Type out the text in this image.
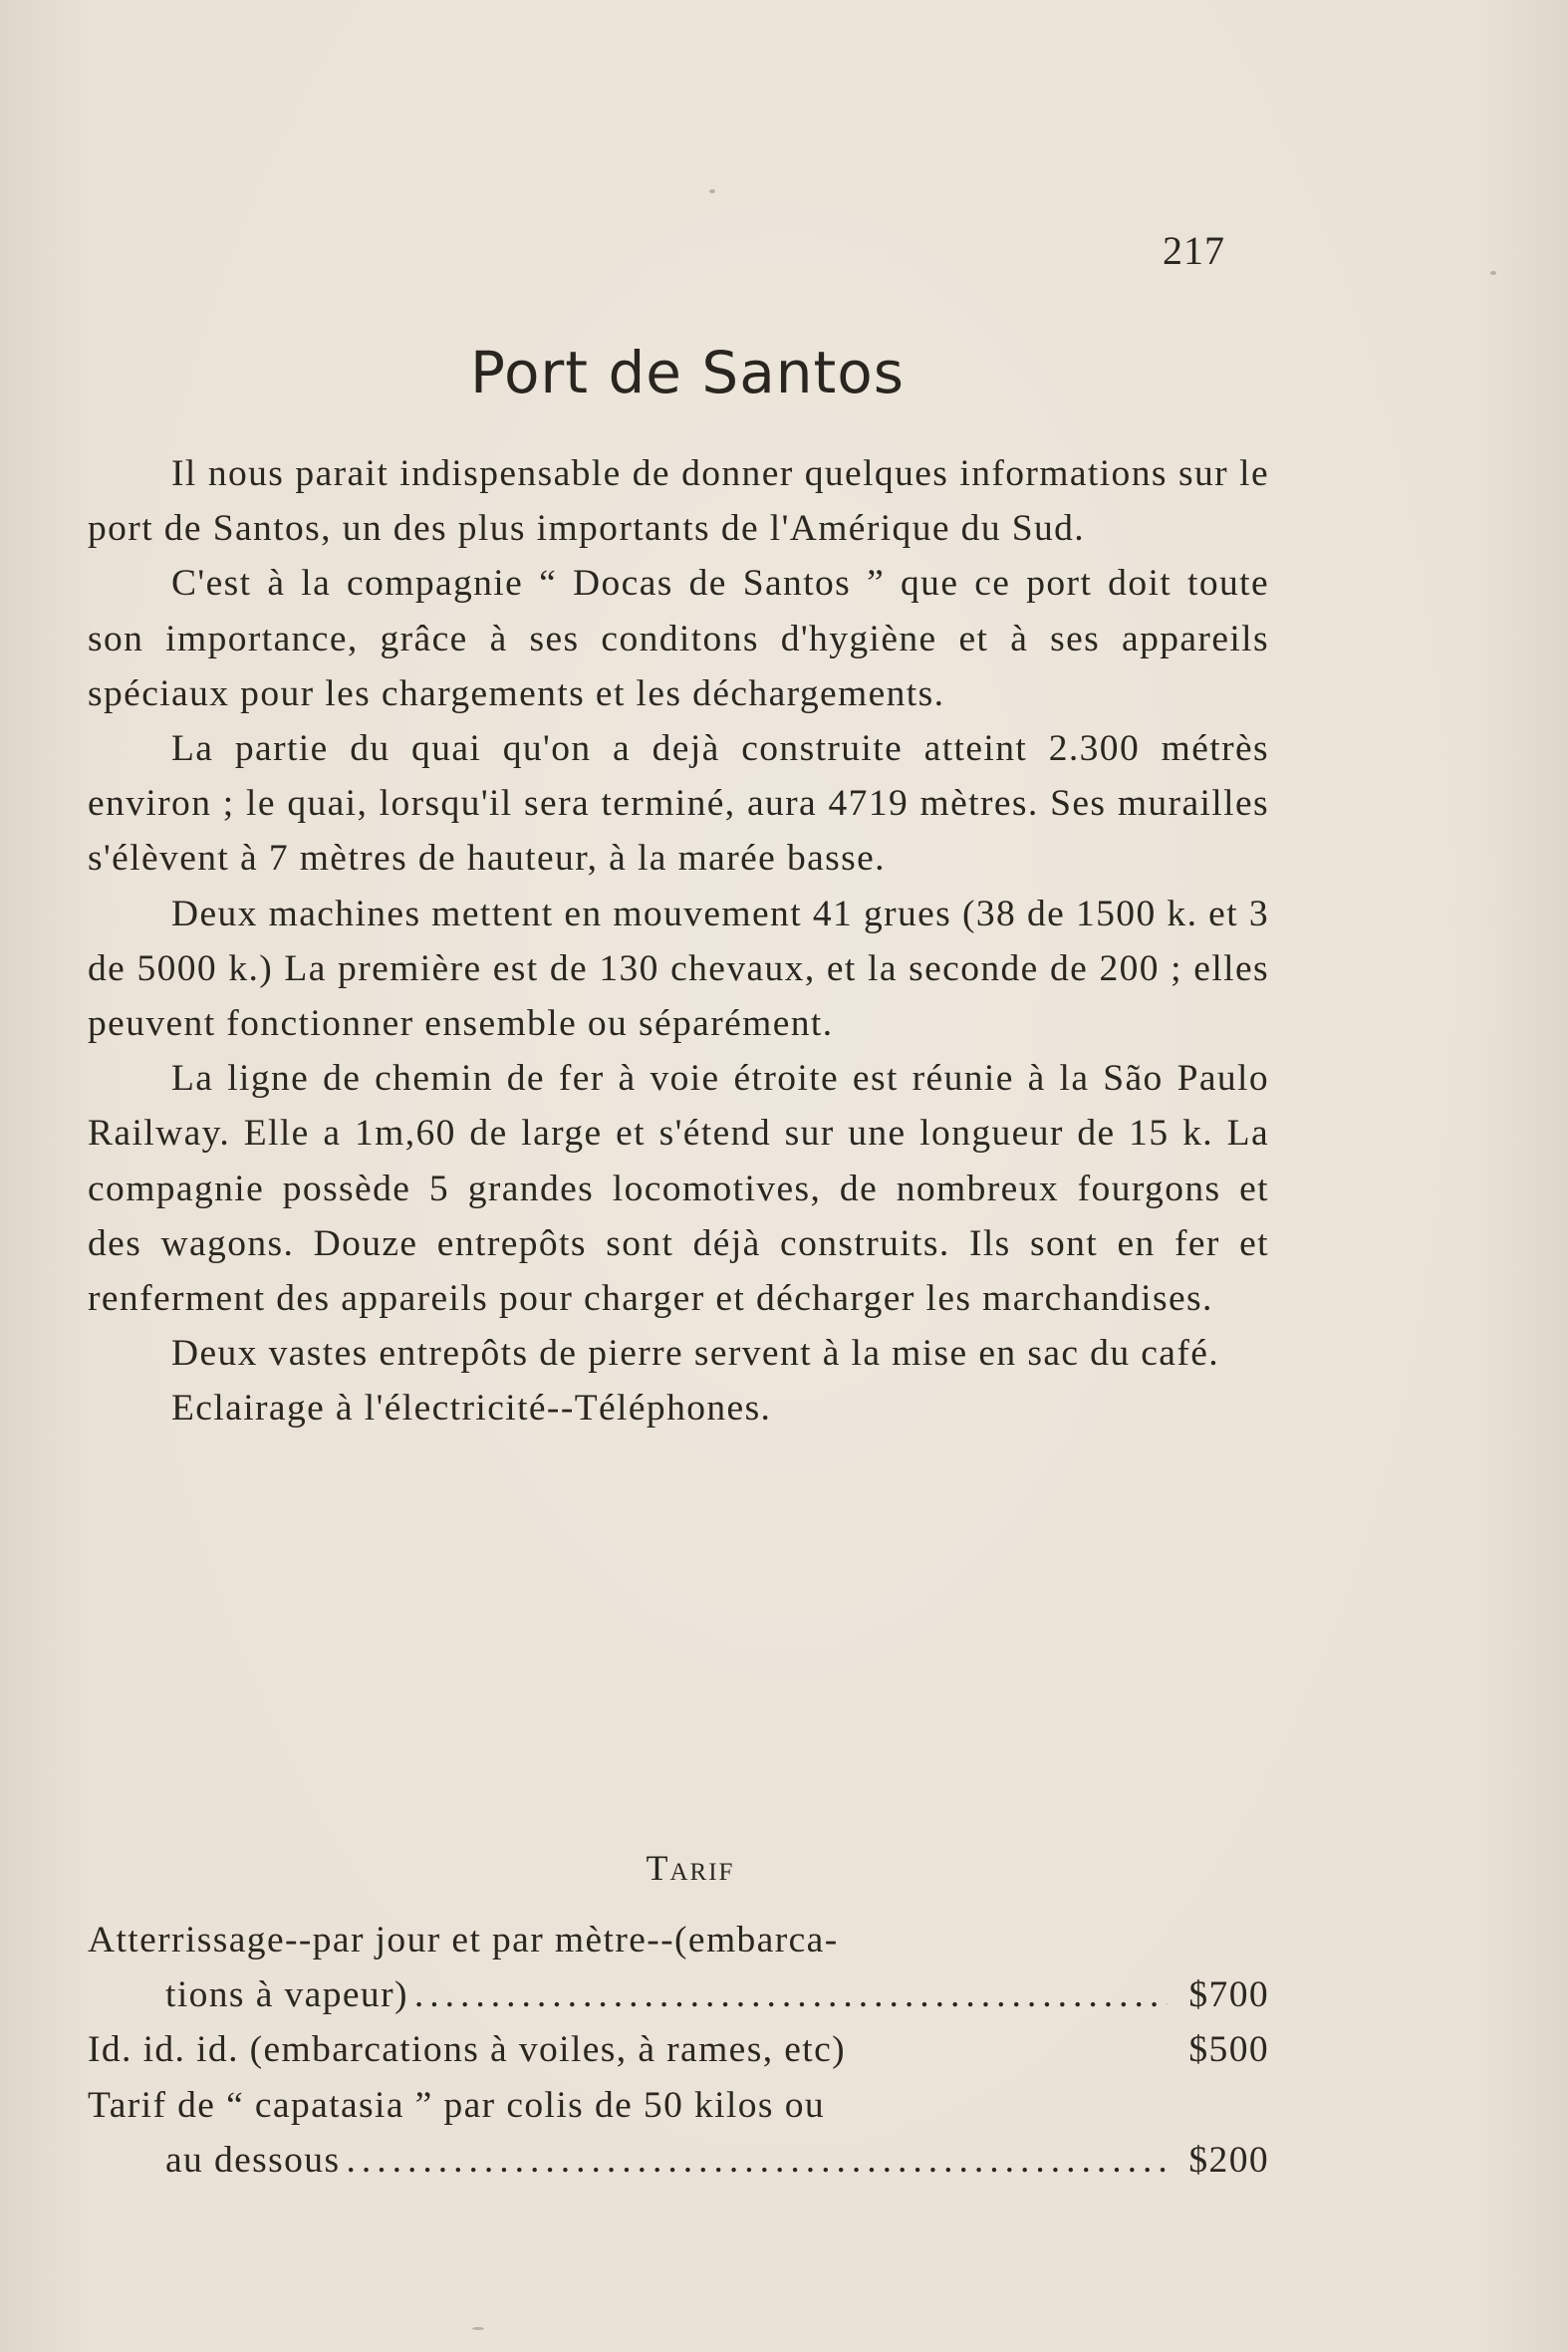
217
Port de Santos

Il nous parait indispensable de donner quelques informations sur le port de Santos, un des plus importants de l'Amérique du Sud.

C'est à la compagnie “ Docas de Santos ” que ce port doit toute son importance, grâce à ses conditons d'hygiène et à ses appareils spéciaux pour les chargements et les déchargements.

La partie du quai qu'on a dejà construite atteint 2.300 métrès environ ; le quai, lorsqu'il sera terminé, aura 4719 mètres. Ses murailles s'élèvent à 7 mètres de hauteur, à la marée basse.

Deux machines mettent en mouvement 41 grues (38 de 1500 k. et 3 de 5000 k.) La première est de 130 chevaux, et la seconde de 200 ; elles peuvent fonctionner ensemble ou séparément.

La ligne de chemin de fer à voie étroite est réunie à la São Paulo Railway. Elle a 1m,60 de large et s'étend sur une longueur de 15 k. La compagnie possède 5 grandes locomotives, de nombreux fourgons et des wagons. Douze entrepôts sont déjà construits. Ils sont en fer et renferment des appareils pour charger et décharger les marchandises.

Deux vastes entrepôts de pierre servent à la mise en sac du café.

Eclairage à l'électricité--Téléphones.

Tarif
Atterrissage--par jour et par mètre--(embarca-
tions à vapeur) .....	$700
Id. id. id. (embarcations à voiles, à rames, etc)	$500
Tarif de “ capatasia ” par colis de 50 kilos ou
au dessous .....	$200
